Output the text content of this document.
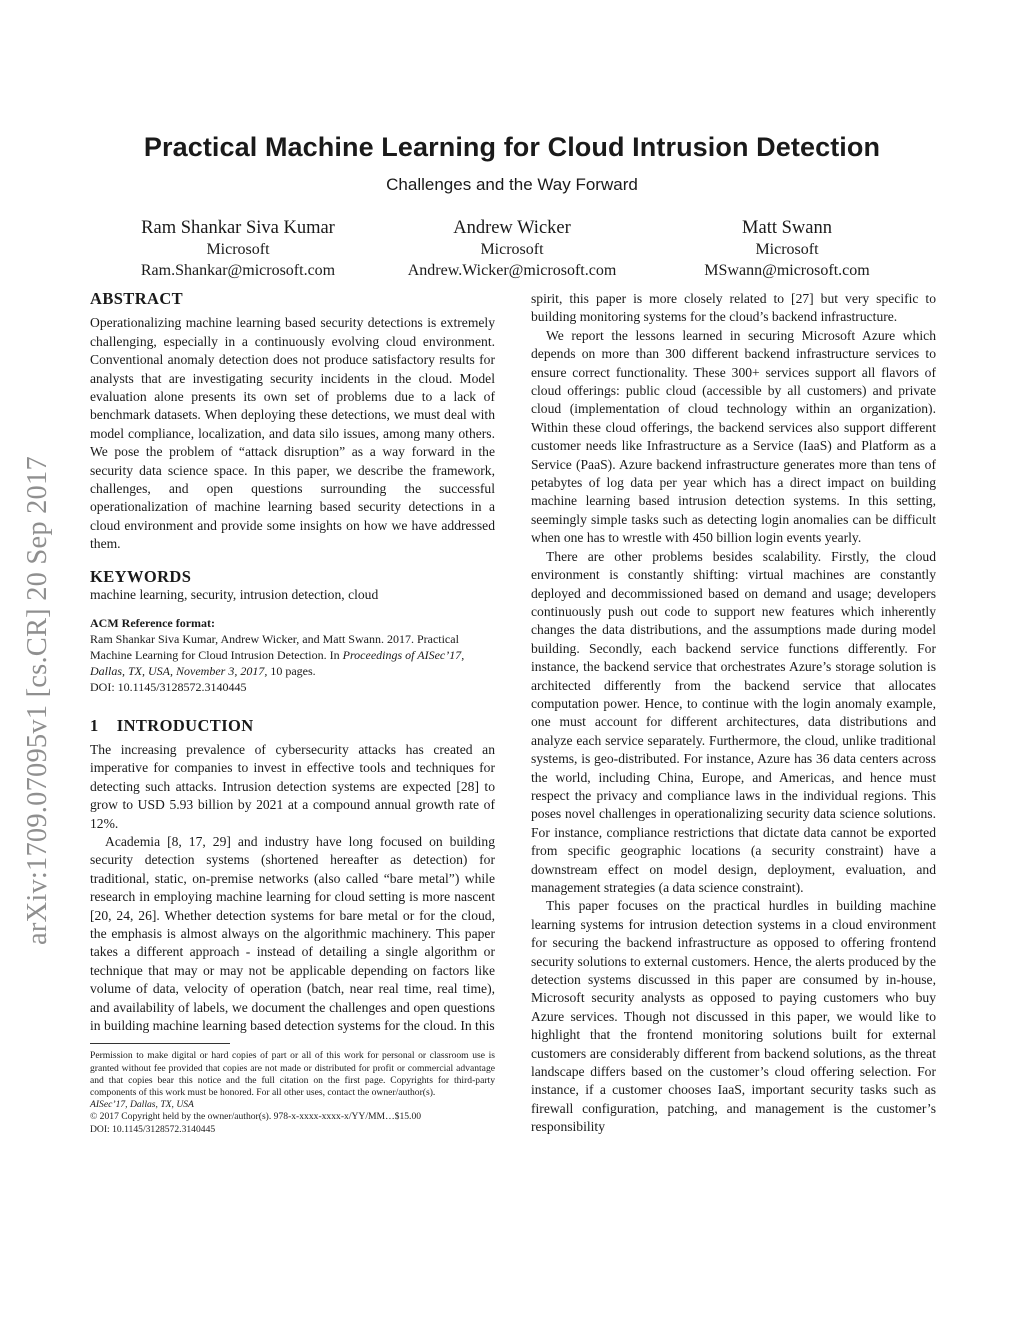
arXiv:1709.07095v1 [cs.CR] 20 Sep 2017
Practical Machine Learning for Cloud Intrusion Detection
Challenges and the Way Forward
Ram Shankar Siva Kumar
Microsoft
Ram.Shankar@microsoft.com
Andrew Wicker
Microsoft
Andrew.Wicker@microsoft.com
Matt Swann
Microsoft
MSwann@microsoft.com
ABSTRACT

Operationalizing machine learning based security detections is extremely challenging, especially in a continuously evolving cloud environment. Conventional anomaly detection does not produce satisfactory results for analysts that are investigating security incidents in the cloud. Model evaluation alone presents its own set of problems due to a lack of benchmark datasets. When deploying these detections, we must deal with model compliance, localization, and data silo issues, among many others. We pose the problem of “attack disruption” as a way forward in the security data science space. In this paper, we describe the framework, challenges, and open questions surrounding the successful operationalization of machine learning based security detections in a cloud environment and provide some insights on how we have addressed them.

KEYWORDS

machine learning, security, intrusion detection, cloud

ACM Reference format:
Ram Shankar Siva Kumar, Andrew Wicker, and Matt Swann. 2017. Practical Machine Learning for Cloud Intrusion Detection. In Proceedings of AISec’17, Dallas, TX, USA, November 3, 2017, 10 pages.
DOI: 10.1145/3128572.3140445
1    INTRODUCTION

The increasing prevalence of cybersecurity attacks has created an imperative for companies to invest in effective tools and techniques for detecting such attacks. Intrusion detection systems are expected [28] to grow to USD 5.93 billion by 2021 at a compound annual growth rate of 12%.

Academia [8, 17, 29] and industry have long focused on building security detection systems (shortened hereafter as detection) for traditional, static, on-premise networks (also called “bare metal”) while research in employing machine learning for cloud setting is more nascent [20, 24, 26]. Whether detection systems for bare metal or for the cloud, the emphasis is almost always on the algorithmic machinery. This paper takes a different approach - instead of detailing a single algorithm or technique that may or may not be applicable depending on factors like volume of data, velocity of operation (batch, near real time, real time), and availability of labels, we document the challenges and open questions in building machine learning based detection systems for the cloud. In this

Permission to make digital or hard copies of part or all of this work for personal or classroom use is granted without fee provided that copies are not made or distributed for profit or commercial advantage and that copies bear this notice and the full citation on the first page. Copyrights for third-party components of this work must be honored. For all other uses, contact the owner/author(s).
AISec’17, Dallas, TX, USA
© 2017 Copyright held by the owner/author(s). 978-x-xxxx-xxxx-x/YY/MM…$15.00
DOI: 10.1145/3128572.3140445

spirit, this paper is more closely related to [27] but very specific to building monitoring systems for the cloud’s backend infrastructure.

We report the lessons learned in securing Microsoft Azure which depends on more than 300 different backend infrastructure services to ensure correct functionality. These 300+ services support all flavors of cloud offerings: public cloud (accessible by all customers) and private cloud (implementation of cloud technology within an organization). Within these cloud offerings, the backend services also support different customer needs like Infrastructure as a Service (IaaS) and Platform as a Service (PaaS). Azure backend infrastructure generates more than tens of petabytes of log data per year which has a direct impact on building machine learning based intrusion detection systems. In this setting, seemingly simple tasks such as detecting login anomalies can be difficult when one has to wrestle with 450 billion login events yearly.

There are other problems besides scalability. Firstly, the cloud environment is constantly shifting: virtual machines are constantly deployed and decommissioned based on demand and usage; developers continuously push out code to support new features which inherently changes the data distributions, and the assumptions made during model building. Secondly, each backend service functions differently. For instance, the backend service that orchestrates Azure’s storage solution is architected differently from the backend service that allocates computation power. Hence, to continue with the login anomaly example, one must account for different architectures, data distributions and analyze each service separately. Furthermore, the cloud, unlike traditional systems, is geo-distributed. For instance, Azure has 36 data centers across the world, including China, Europe, and Americas, and hence must respect the privacy and compliance laws in the individual regions. This poses novel challenges in operationalizing security data science solutions. For instance, compliance restrictions that dictate data cannot be exported from specific geographic locations (a security constraint) have a downstream effect on model design, deployment, evaluation, and management strategies (a data science constraint).

This paper focuses on the practical hurdles in building machine learning systems for intrusion detection systems in a cloud environment for securing the backend infrastructure as opposed to offering frontend security solutions to external customers. Hence, the alerts produced by the detection systems discussed in this paper are consumed by in-house, Microsoft security analysts as opposed to paying customers who buy Azure services. Though not discussed in this paper, we would like to highlight that the frontend monitoring solutions built for external customers are considerably different from backend solutions, as the threat landscape differs based on the customer’s cloud offering selection. For instance, if a customer chooses IaaS, important security tasks such as firewall configuration, patching, and management is the customer’s responsibility
